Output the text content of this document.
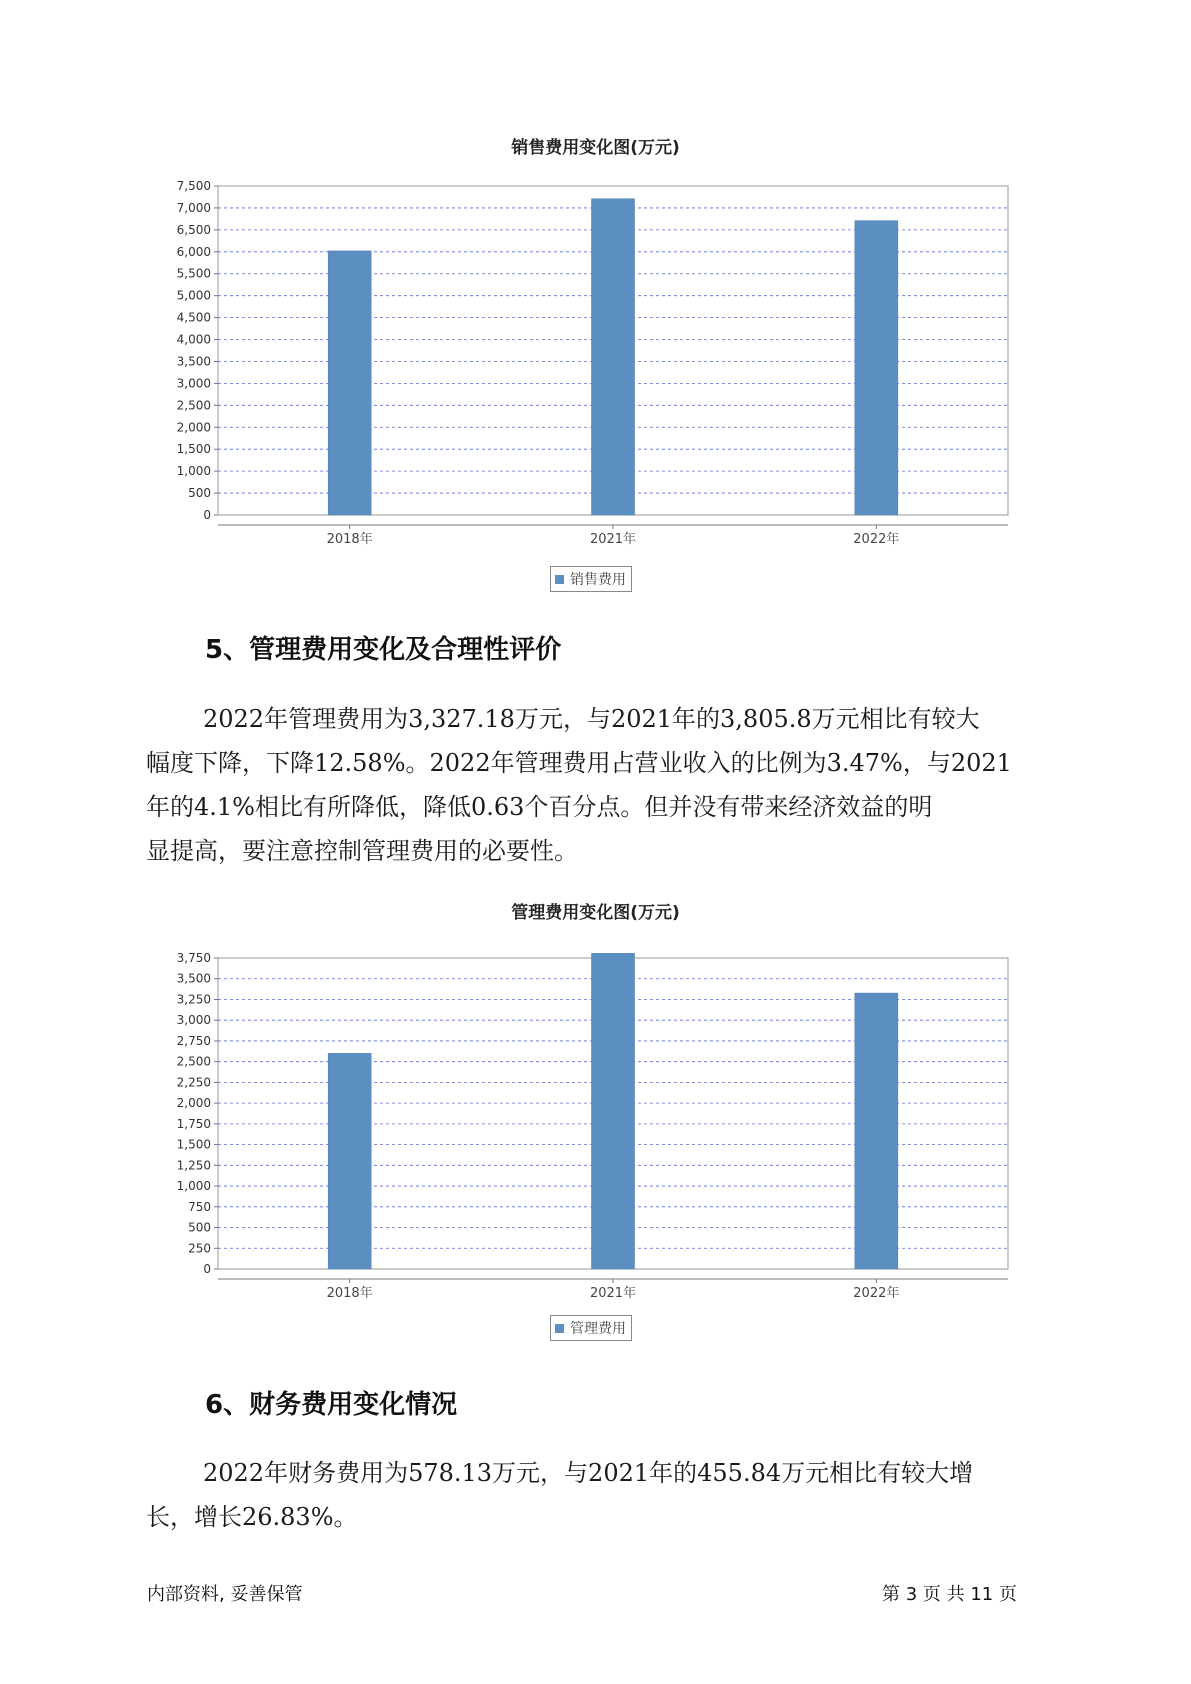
销售费用变化图(万元)
0
500
1,000
1,500
2,000
2,500
3,000
3,500
4,000
4,500
5,000
5,500
6,000
6,500
7,000
7,500
2018年	2021年	2022年
销售费用
5、管理费用变化及合理性评价
2022年管理费用为3,327.18万元，与2021年的3,805.8万元相比有较大
幅度下降，下降12.58%。2022年管理费用占营业收入的比例为3.47%，与2021
年的4.1%相比有所降低，降低0.63个百分点。但并没有带来经济效益的明
显提高，要注意控制管理费用的必要性。
管理费用变化图(万元)
0
250
500
750
1,000
1,250
1,500
1,750
2,000
2,250
2,500
2,750
3,000
3,250
3,500
3,750
2018年	2021年	2022年
管理费用
6、财务费用变化情况
2022年财务费用为578.13万元，与2021年的455.84万元相比有较大增
长，增长26.83%。
内部资料, 妥善保管	第 3 页 共 11 页
